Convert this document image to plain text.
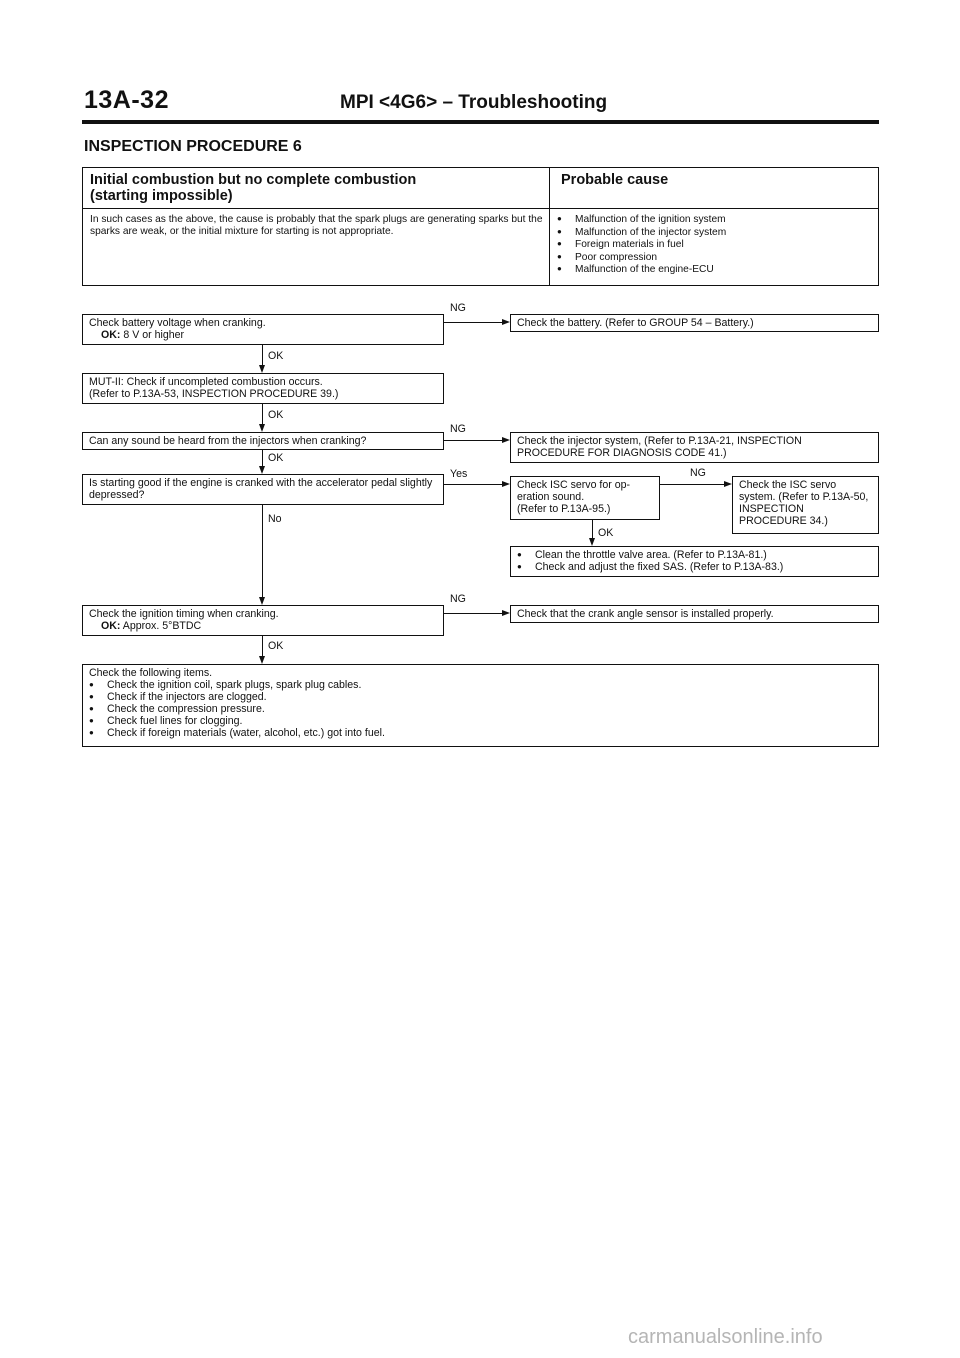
13A-32	MPI <4G6> – Troubleshooting
INSPECTION PROCEDURE 6
Initial combustion but no complete combustion
(starting impossible)
Probable cause
In such cases as the above, the cause is probably that the spark plugs are generating sparks but the sparks are weak, or the initial mixture for starting is not appropriate.
● Malfunction of the ignition system
● Malfunction of the injector system
● Foreign materials in fuel
● Poor compression
● Malfunction of the engine-ECU
Check battery voltage when cranking.
OK: 8 V or higher
NG
Check the battery. (Refer to GROUP 54 – Battery.)
OK
MUT-II: Check if uncompleted combustion occurs.
(Refer to P.13A-53, INSPECTION PROCEDURE 39.)
OK
Can any sound be heard from the injectors when cranking?
NG
Check the injector system, (Refer to P.13A-21, INSPECTION PROCEDURE FOR DIAGNOSIS CODE 41.)
OK
Is starting good if the engine is cranked with the accelerator pedal slightly depressed?
Yes
Check ISC servo for op-
eration sound.
(Refer to P.13A-95.)
NG
Check the ISC servo system. (Refer to P.13A-50, INSPECTION PROCEDURE 34.)
OK
● Clean the throttle valve area. (Refer to P.13A-81.)
● Check and adjust the fixed SAS. (Refer to P.13A-83.)
No
Check the ignition timing when cranking.
OK: Approx. 5°BTDC
NG
Check that the crank angle sensor is installed properly.
OK
Check the following items.
● Check the ignition coil, spark plugs, spark plug cables.
● Check if the injectors are clogged.
● Check the compression pressure.
● Check fuel lines for clogging.
● Check if foreign materials (water, alcohol, etc.) got into fuel.
carmanualsonline.info
